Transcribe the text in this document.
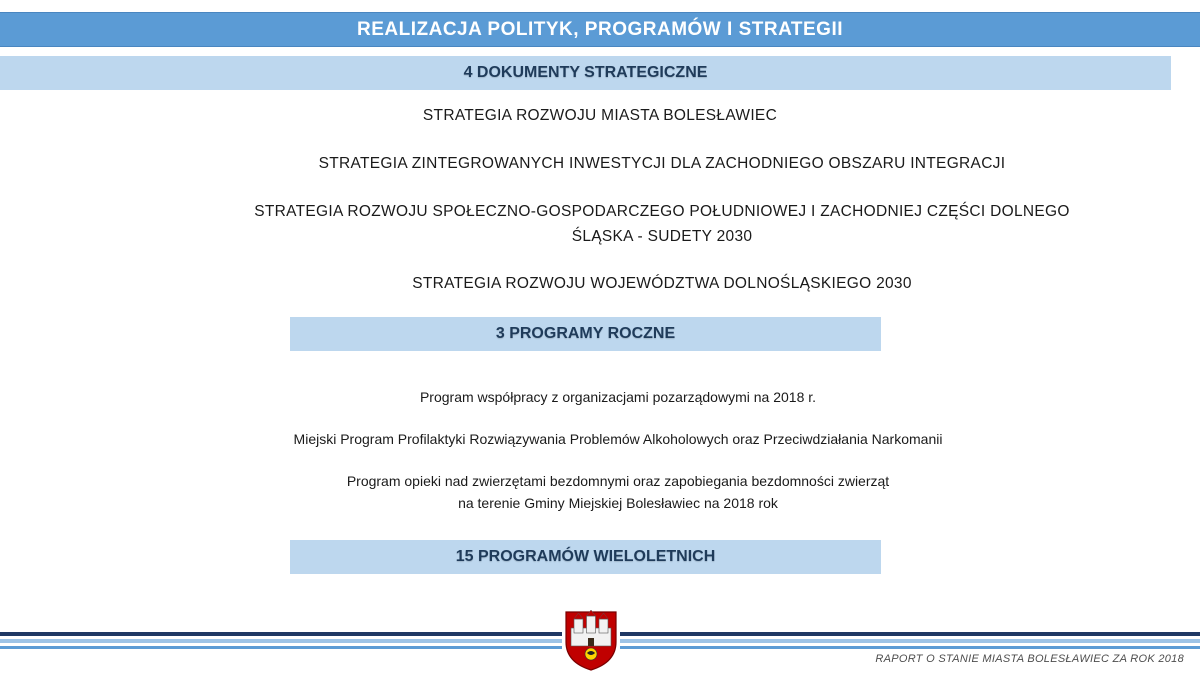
REALIZACJA POLITYK, PROGRAMÓW I STRATEGII
4 DOKUMENTY STRATEGICZNE
STRATEGIA ROZWOJU MIASTA BOLESŁAWIEC
STRATEGIA ZINTEGROWANYCH INWESTYCJI DLA ZACHODNIEGO OBSZARU INTEGRACJI
STRATEGIA ROZWOJU SPOŁECZNO-GOSPODARCZEGO POŁUDNIOWEJ I ZACHODNIEJ CZĘŚCI DOLNEGO
ŚLĄSKA - SUDETY 2030
STRATEGIA ROZWOJU WOJEWÓDZTWA DOLNOŚLĄSKIEGO 2030
3 PROGRAMY ROCZNE
Program współpracy z organizacjami pozarządowymi na 2018 r.
Miejski Program Profilaktyki Rozwiązywania Problemów Alkoholowych oraz Przeciwdziałania Narkomanii
Program opieki nad zwierzętami bezdomnymi oraz zapobiegania bezdomności zwierząt
na terenie Gminy Miejskiej Bolesławiec na 2018 rok
15 PROGRAMÓW WIELOLETNICH
RAPORT O STANIE MIASTA BOLESŁAWIEC ZA ROK 2018
